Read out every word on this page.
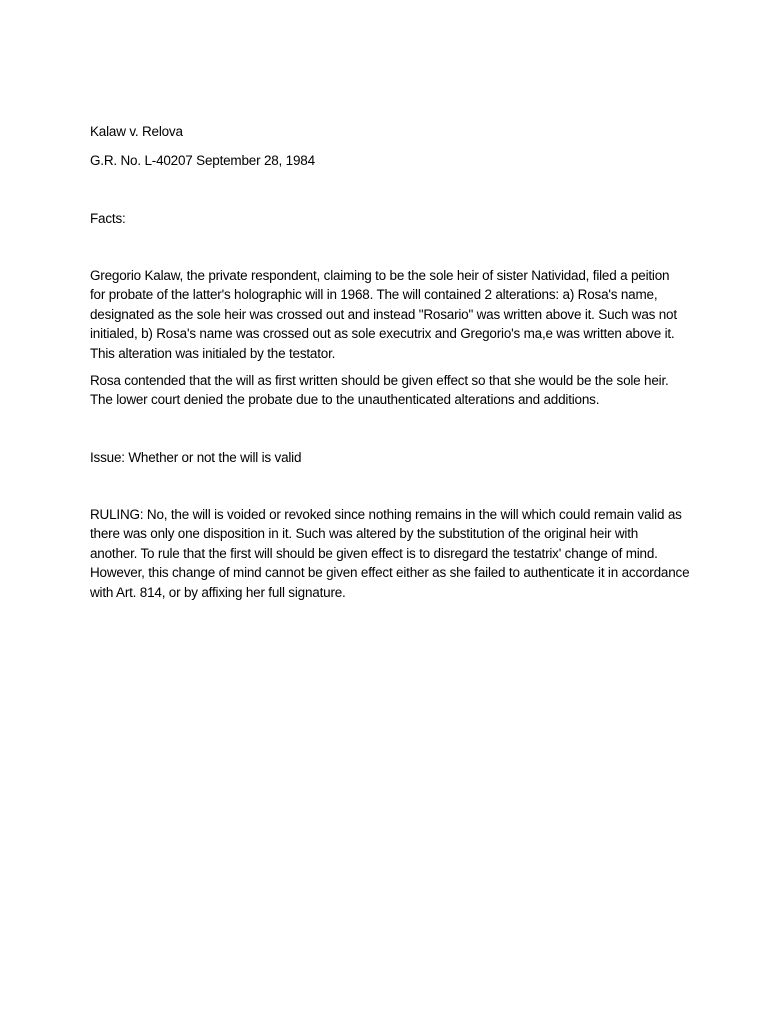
Kalaw v. Relova
G.R. No. L-40207 September 28, 1984
Facts:
Gregorio Kalaw, the private respondent, claiming to be the sole heir of sister Natividad, filed a peition
for probate of the latter's holographic will in 1968. The will contained 2 alterations: a) Rosa's name,
designated as the sole heir was crossed out and instead "Rosario" was written above it. Such was not
initialed, b) Rosa's name was crossed out as sole executrix and Gregorio's ma,e was written above it.
This alteration was initialed by the testator.
Rosa contended that the will as first written should be given effect so that she would be the sole heir.
The lower court denied the probate due to the unauthenticated alterations and additions.
Issue: Whether or not the will is valid
RULING: No, the will is voided or revoked since nothing remains in the will which could remain valid as
there was only one disposition in it. Such was altered by the substitution of the original heir with
another. To rule that the first will should be given effect is to disregard the testatrix' change of mind.
However, this change of mind cannot be given effect either as she failed to authenticate it in accordance
with Art. 814, or by affixing her full signature.
